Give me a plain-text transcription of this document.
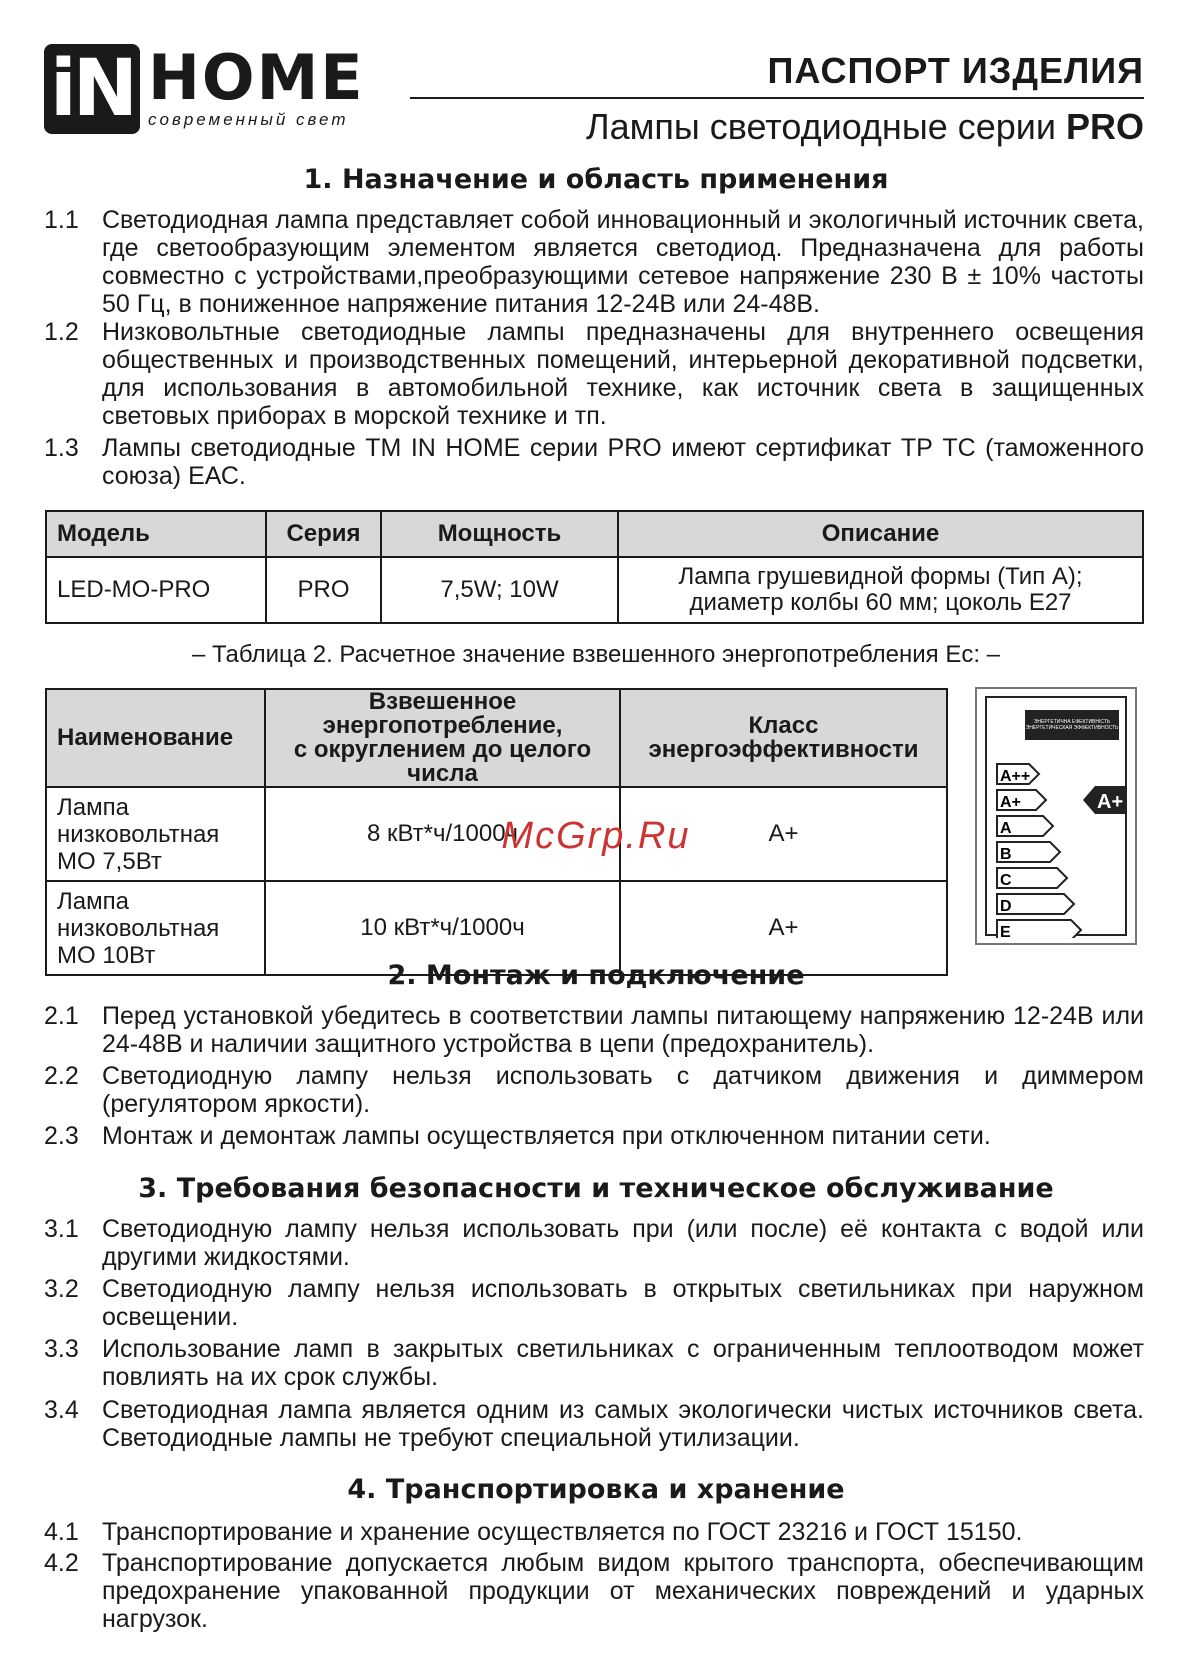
iN HOME
современный свет
ПАСПОРТ ИЗДЕЛИЯ
Лампы светодиодные серии PRO
1. Назначение и область применения
1.1 Светодиодная лампа представляет собой инновационный и экологичный источник света, где светообразующим элементом является светодиод. Предназначена для работы совместно с устройствами,преобразующими сетевое напряжение 230 В ± 10% частоты 50 Гц, в пониженное напряжение питания 12-24В или 24-48В.
1.2 Низковольтные светодиодные лампы предназначены для внутреннего освещения общественных и производственных помещений, интерьерной декоративной подсветки, для использования в автомобильной технике, как источник света в защищенных световых приборах в морской технике и тп.
1.3 Лампы светодиодные ТМ IN HOME серии PRO имеют сертификат ТР ТС (таможенного союза) ЕАС.
Модель	Серия	Мощность	Описание
LED-MO-PRO	PRO	7,5W; 10W	Лампа грушевидной формы (Тип А);
диаметр колбы 60 мм; цоколь Е27
– Таблица 2. Расчетное значение взвешенного энергопотребления Ec: –
Наименование	Взвешенное энергопотребление,
с округлением до целого числа	Класс энергоэффективности

Лампа
низковольтная
МО 7,5Вт	8 кВт*ч/1000ч	А+

Лампа
низковольтная
МО 10Вт	10 кВт*ч/1000ч	А+
ЭНЕРГЕТИЧНА ЕФЕКТИВНІСТЬ ЭНЕРГЕТИЧЕСКАЯ ЭФФЕКТИВНОСТЬ
A++
A+
A
B
C
D
E
A+
McGrp.Ru
2. Монтаж и подключение
2.1 Перед установкой убедитесь в соответствии лампы питающему напряжению 12-24В или 24-48В и наличии защитного устройства в цепи (предохранитель).
2.2 Светодиодную лампу нельзя использовать с датчиком движения и диммером (регулятором яркости).
2.3 Монтаж и демонтаж лампы осуществляется при отключенном питании сети.
3. Требования безопасности и техническое обслуживание
3.1 Светодиодную лампу нельзя использовать при (или после) её контакта с водой или другими жидкостями.
3.2 Светодиодную лампу нельзя использовать в открытых светильниках при наружном освещении.
3.3 Использование ламп в закрытых светильниках с ограниченным теплоотводом может повлиять на их срок службы.
3.4 Светодиодная лампа является одним из самых экологически чистых источников света. Светодиодные лампы не требуют специальной утилизации.
4. Транспортировка и хранение
4.1 Транспортирование и хранение осуществляется по ГОСТ 23216 и ГОСТ 15150.
4.2 Транспортирование допускается любым видом крытого транспорта, обеспечивающим предохранение упакованной продукции от механических повреждений и ударных нагрузок.
